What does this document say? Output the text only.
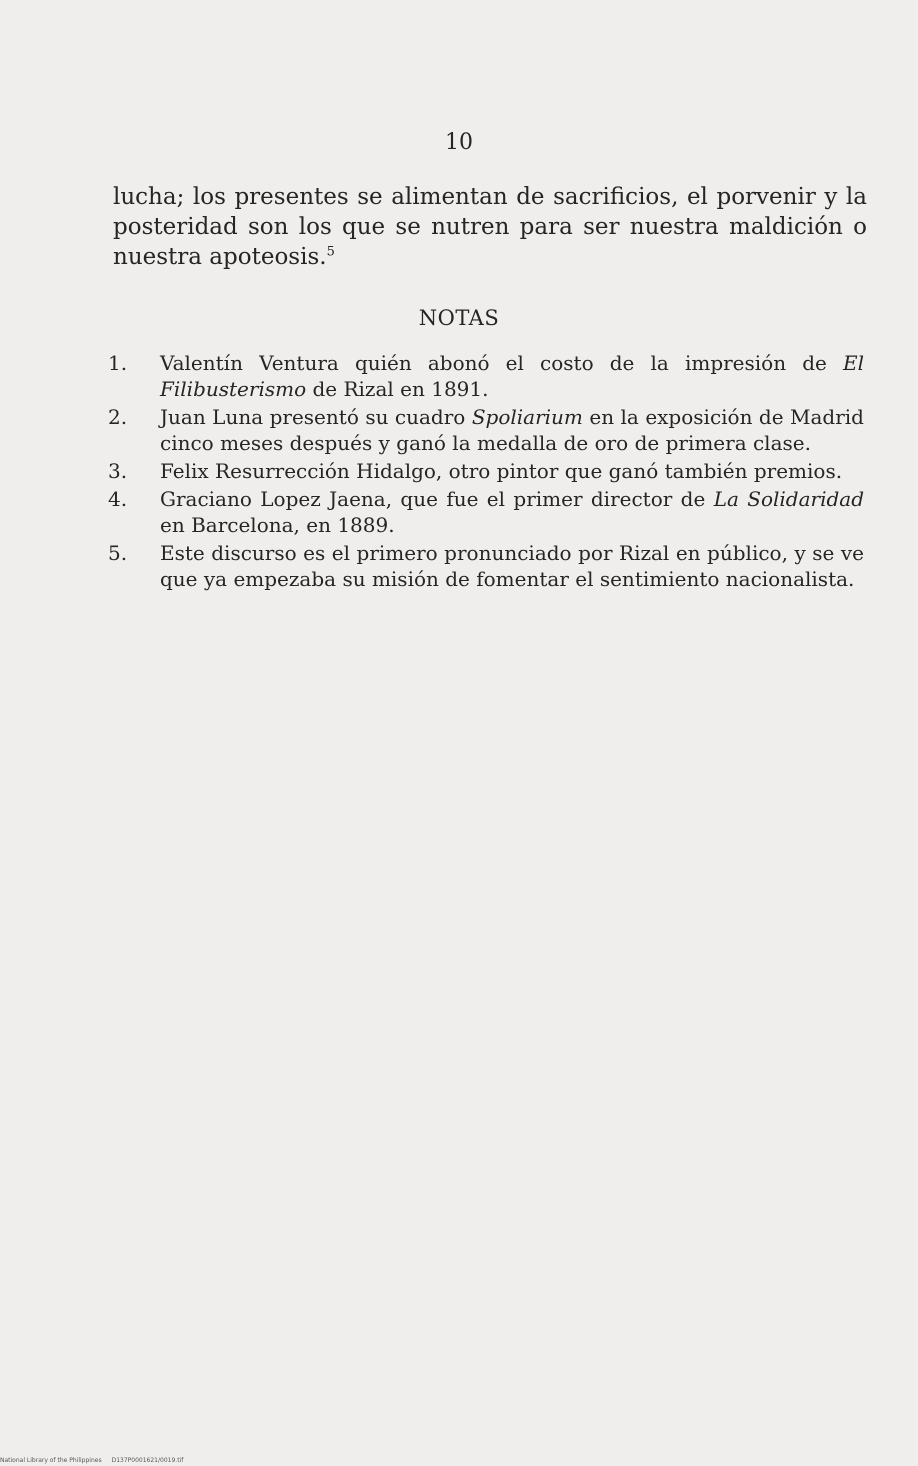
10

lucha; los presentes se alimentan de sacrificios, el porvenir y la posteridad son los que se nutren para ser nuestra maldición o nuestra apoteosis.$^5$

NOTAS
1. Valentín Ventura quién abonó el costo de la impresión de El Filibusterismo de Rizal en 1891.
2. Juan Luna presentó su cuadro Spoliarium en la exposición de Madrid cinco meses después y ganó la medalla de oro de primera clase.
3. Felix Resurrección Hidalgo, otro pintor que ganó también premios.
4. Graciano Lopez Jaena, que fue el primer director de La Solidaridad en Barcelona, en 1889.
5. Este discurso es el primero pronunciado por Rizal en público, y se ve que ya empezaba su misión de fomentar el sentimiento nacionalista.
National Library of the Philippines D137P0001621/0019.tif
